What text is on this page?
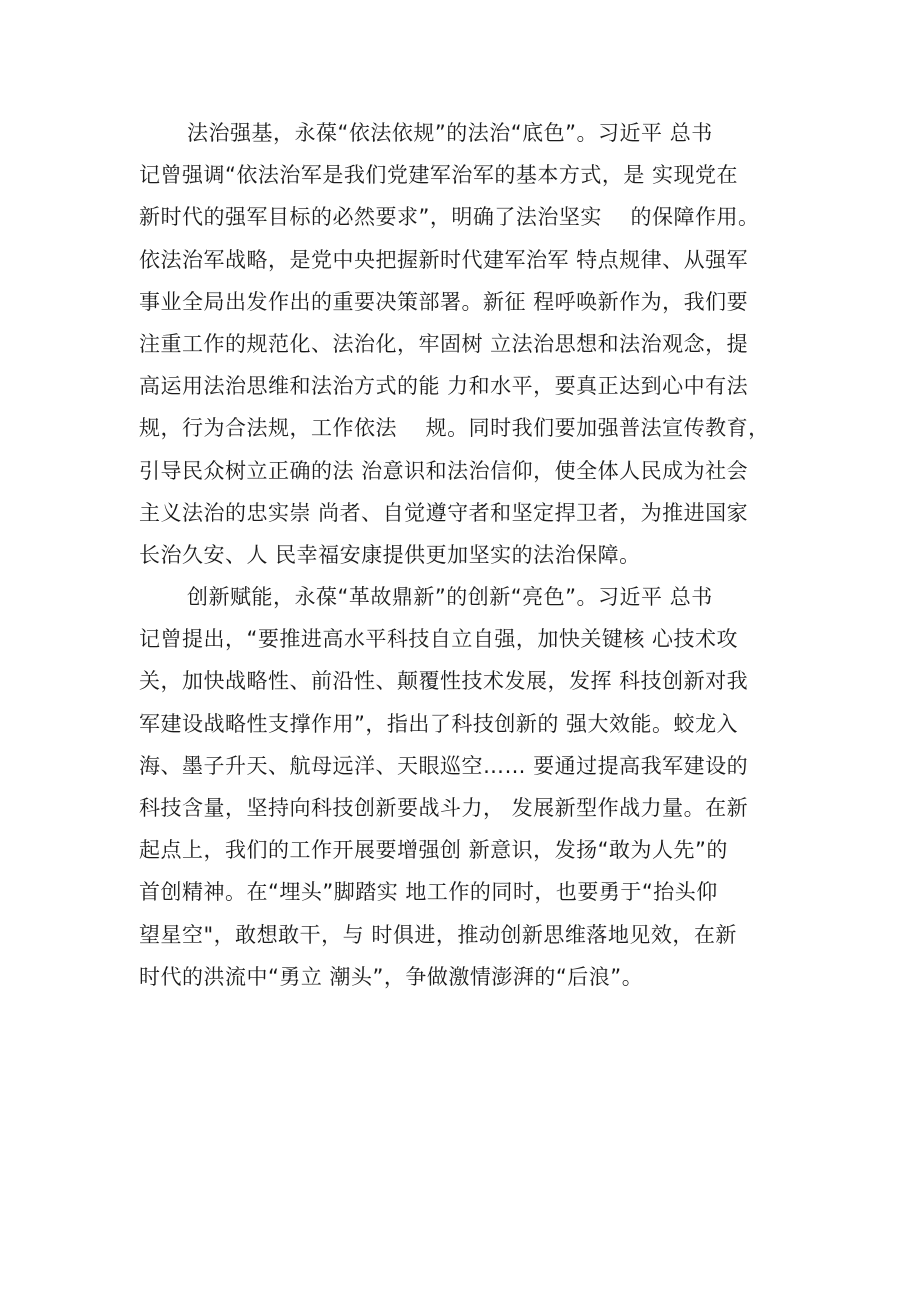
法治强基，永葆“依法依规”的法治“底色”。习近平 总书
记曾强调“依法治军是我们党建军治军的基本方式，是 实现党在
新时代的强军目标的必然要求”，明确了法治坚实　 的保障作用。
依法治军战略，是党中央把握新时代建军治军 特点规律、从强军
事业全局出发作出的重要决策部署。新征 程呼唤新作为，我们要
注重工作的规范化、法治化，牢固树 立法治思想和法治观念，提
高运用法治思维和法治方式的能 力和水平，要真正达到心中有法
规，行为合法规，工作依法　 规。同时我们要加强普法宣传教育，
引导民众树立正确的法 治意识和法治信仰，使全体人民成为社会
主义法治的忠实崇 尚者、自觉遵守者和坚定捍卫者，为推进国家
长治久安、人 民幸福安康提供更加坚实的法治保障。
创新赋能，永葆“革故鼎新”的创新“亮色”。习近平 总书
记曾提出，“要推进高水平科技自立自强，加快关键核 心技术攻
关，加快战略性、前沿性、颠覆性技术发展，发挥 科技创新对我
军建设战略性支撑作用”，指出了科技创新的 强大效能。蛟龙入
海、墨子升天、航母远洋、天眼巡空…… 要通过提高我军建设的
科技含量，坚持向科技创新要战斗力， 发展新型作战力量。在新
起点上，我们的工作开展要增强创 新意识，发扬“敢为人先”的
首创精神。在“埋头”脚踏实 地工作的同时，也要勇于“抬头仰
望星空"，敢想敢干，与 时俱进，推动创新思维落地见效，在新
时代的洪流中“勇立 潮头”，争做激情澎湃的“后浪”。
